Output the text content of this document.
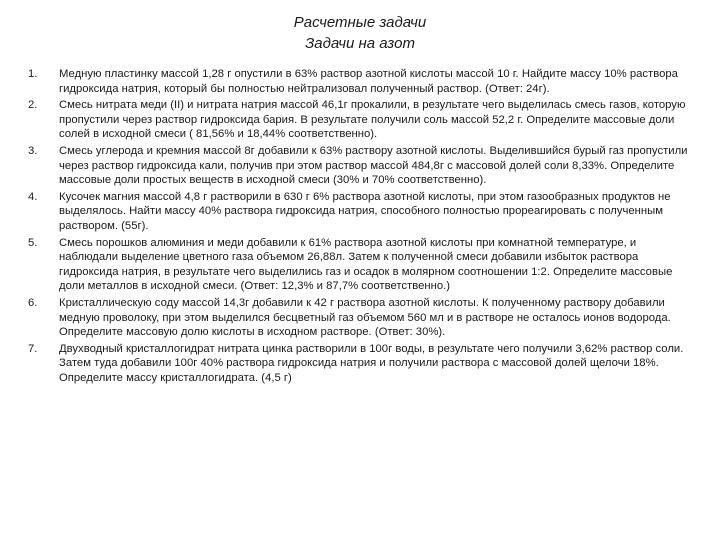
Расчетные задачи
Задачи на азот
1.	Медную пластинку массой 1,28 г опустили в 63% раствор азотной кислоты массой 10 г. Найдите массу 10% раствора гидроксида натрия, который бы полностью нейтрализовал полученный раствор. (Ответ: 24г).
2.	Смесь нитрата меди (II) и нитрата натрия массой 46,1г прокалили, в результате чего выделилась смесь газов, которую пропустили через раствор гидроксида бария. В результате получили соль массой 52,2 г. Определите массовые доли солей в исходной смеси ( 81,56% и 18,44% соответственно).
3.	Смесь углерода и кремния массой 8г добавили к 63% раствору азотной кислоты. Выделившийся бурый газ пропустили через раствор гидроксида кали, получив при этом раствор массой 484,8г с массовой долей соли 8,33%. Определите массовые доли простых веществ в исходной смеси (30% и 70% соответственно).
4.	Кусочек магния массой 4,8 г растворили в 630 г 6% раствора азотной кислоты, при этом газообразных продуктов не выделялось. Найти массу 40% раствора гидроксида натрия, способного полностью прореагировать с полученным раствором. (55г).
5.	Смесь порошков алюминия и меди добавили к 61% раствора азотной кислоты при комнатной температуре, и наблюдали выделение цветного газа объемом 26,88л. Затем к полученной смеси добавили избыток раствора гидроксида натрия, в результате чего выделились газ и осадок в молярном соотношении 1:2. Определите массовые доли металлов в исходной смеси. (Ответ: 12,3% и 87,7% соответственно.)
6.	Кристаллическую соду массой 14,3г добавили к 42 г раствора азотной кислоты. К полученному раствору добавили медную проволоку, при этом выделился бесцветный газ объемом 560 мл и в растворе не осталось ионов водорода. Определите массовую долю кислоты в исходном растворе. (Ответ: 30%).
7.	Двухводный кристаллогидрат нитрата цинка растворили в 100г воды, в результате чего получили 3,62% раствор соли. Затем туда добавили 100г 40% раствора гидроксида натрия и получили раствора с массовой долей щелочи 18%. Определите массу кристаллогидрата. (4,5 г)
